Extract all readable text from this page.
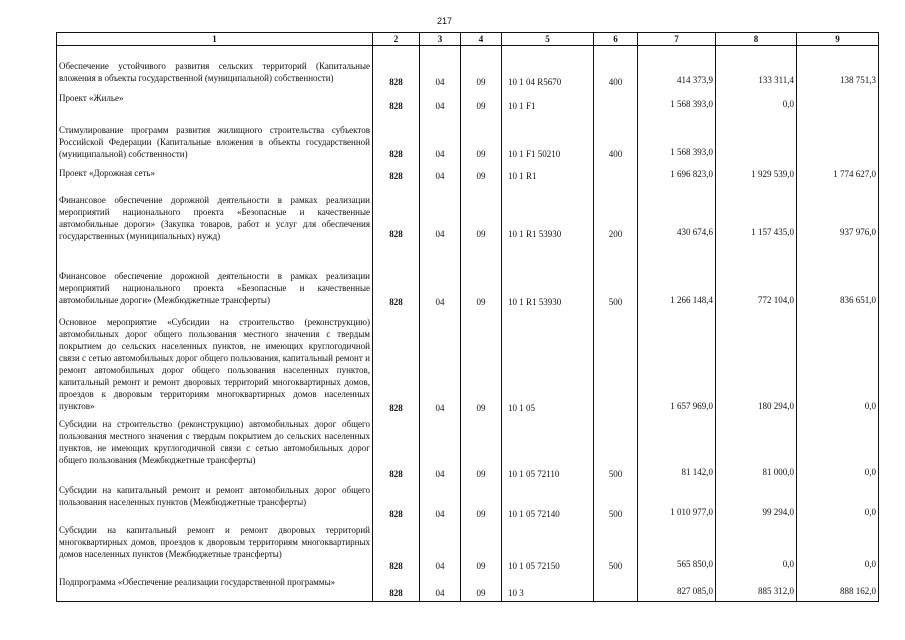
217
1	2	3	4	5	6	7	8	9
Обеспечение устойчивого развития сельских территорий (Капитальные вложения в объекты государственной (муниципальной) собственности)	828	04	09	10 1 04 R5670	400	414 373,9	133 311,4	138 751,3
Проект «Жилье»	828	04	09	10 1 F1		1 568 393,0	0,0	
Стимулирование программ развития жилищного строительства субъектов Российской Федерации (Капитальные вложения в объекты государственной (муниципальной) собственности)	828	04	09	10 1 F1 50210	400	1 568 393,0		
Проект «Дорожная сеть»	828	04	09	10 1 R1		1 696 823,0	1 929 539,0	1 774 627,0
Финансовое обеспечение дорожной деятельности в рамках реализации мероприятий национального проекта «Безопасные и качественные автомобильные дороги» (Закупка товаров, работ и услуг для обеспечения государственных (муниципальных) нужд)	828	04	09	10 1 R1 53930	200	430 674,6	1 157 435,0	937 976,0
Финансовое обеспечение дорожной деятельности в рамках реализации мероприятий национального проекта «Безопасные и качественные автомобильные дороги» (Межбюджетные трансферты)	828	04	09	10 1 R1 53930	500	1 266 148,4	772 104,0	836 651,0
Основное мероприятие «Субсидии на строительство (реконструкцию) автомобильных дорог общего пользования местного значения с твердым покрытием до сельских населенных пунктов, не имеющих круглогодичной связи с сетью автомобильных дорог общего пользования, капитальный ремонт и ремонт автомобильных дорог общего пользования населенных пунктов, капитальный ремонт и ремонт дворовых территорий многоквартирных домов, проездов к дворовым территориям многоквартирных домов населенных пунктов»	828	04	09	10 1 05		1 657 969,0	180 294,0	0,0
Субсидии на строительство (реконструкцию) автомобильных дорог общего пользования местного значения с твердым покрытием до сельских населенных пунктов, не имеющих круглогодичной связи с сетью автомобильных дорог общего пользования (Межбюджетные трансферты)	828	04	09	10 1 05 72110	500	81 142,0	81 000,0	0,0
Субсидии на капитальный ремонт и ремонт автомобильных дорог общего пользования населенных пунктов (Межбюджетные трансферты)	828	04	09	10 1 05 72140	500	1 010 977,0	99 294,0	0,0
Субсидии на капитальный ремонт и ремонт дворовых территорий многоквартирных домов, проездов к дворовым территориям многоквартирных домов населенных пунктов (Межбюджетные трансферты)	828	04	09	10 1 05 72150	500	565 850,0	0,0	0,0
Подпрограмма «Обеспечение реализации государственной программы»	828	04	09	10 3		827 085,0	885 312,0	888 162,0
